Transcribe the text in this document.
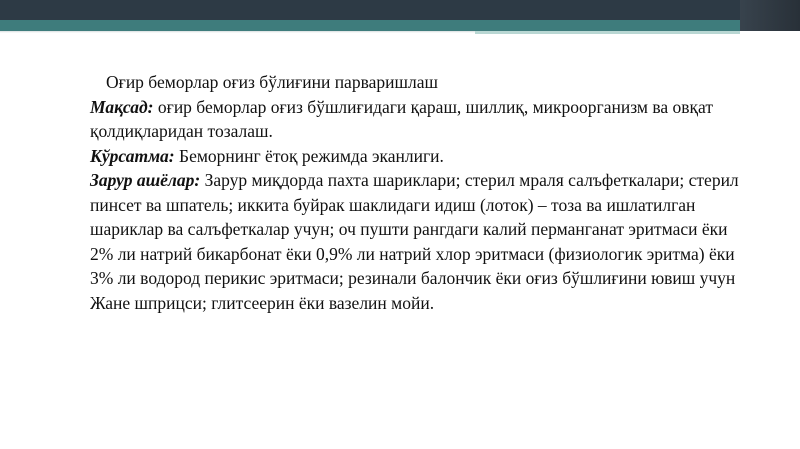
Оғир беморлар оғиз бўлиғини парваришлаш

Мақсад: оғир беморлар оғиз бўшлиғидаги қараш, шиллиқ, микроорганизм ва овқат қолдиқларидан тозалаш.

Кўрсатма: Беморнинг ётоқ режимда эканлиги.

Зарур ашёлар: Зарур миқдорда пахта шариклари; стерил мраля салъфеткалари; стерил пинсет ва шпатель; иккита буйрак шаклидаги идиш (лоток) – тоза ва ишлатилган шариклар ва салъфеткалар учун; оч пушти рангдаги калий перманганат эритмаси ёки 2% ли натрий бикарбонат ёки 0,9% ли натрий хлор эритмаси (физиологик эритма) ёки 3% ли водород перикис эритмаси; резинали балончик ёки оғиз бўшлиғини ювиш учун Жане шприцси; глитсеерин ёки вазелин мойи.
